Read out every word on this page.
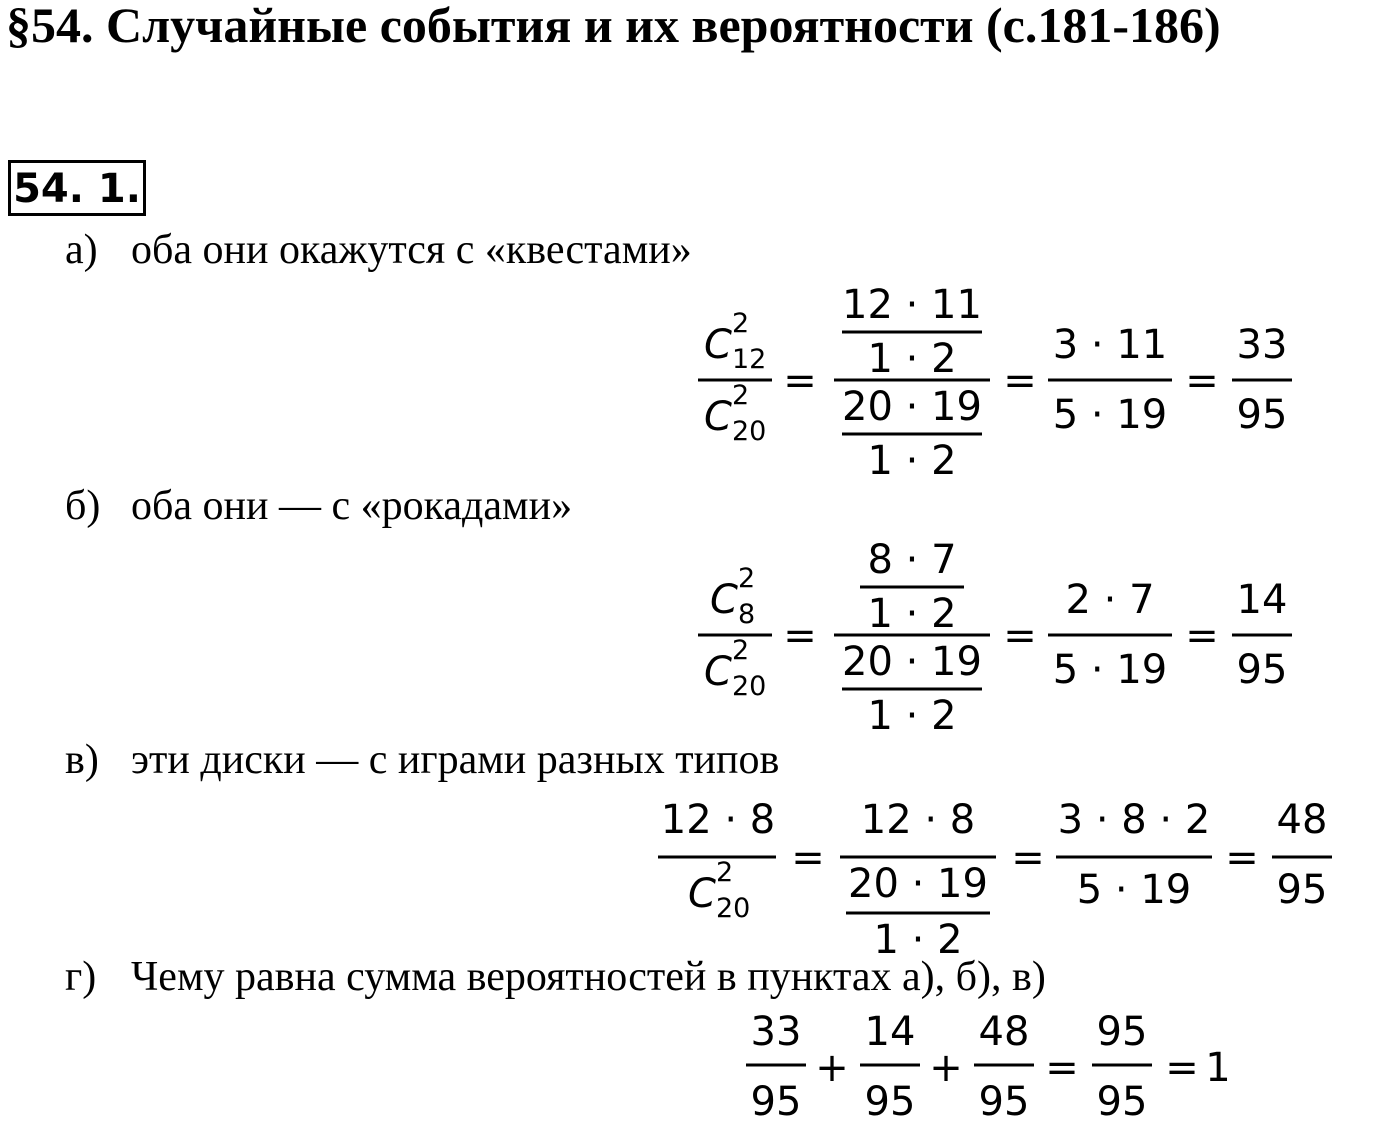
§54. Случайные события и их вероятности (с.181-186)
54. 1.
а) оба они окажутся с «квестами»
C 2
12
C 2
20
=
12 · 11
1 · 2
20 · 19
1 · 2
=
3 · 11
5 · 19
=
33
95
б) оба они — с «рокадами»
C 2
8
C 2
20
=
8 · 7
1 · 2
20 · 19
1 · 2
=
2 · 7
5 · 19
=
14
95
в) эти диски — с играми разных типов
12 · 8
C 2
20
=
12 · 8
20 · 19
1 · 2
=
3 · 8 · 2
5 · 19
=
48
95
г) Чему равна сумма вероятностей в пунктах а), б), в)
33
95
+
14
95
+
48
95
=
95
95
= 1
